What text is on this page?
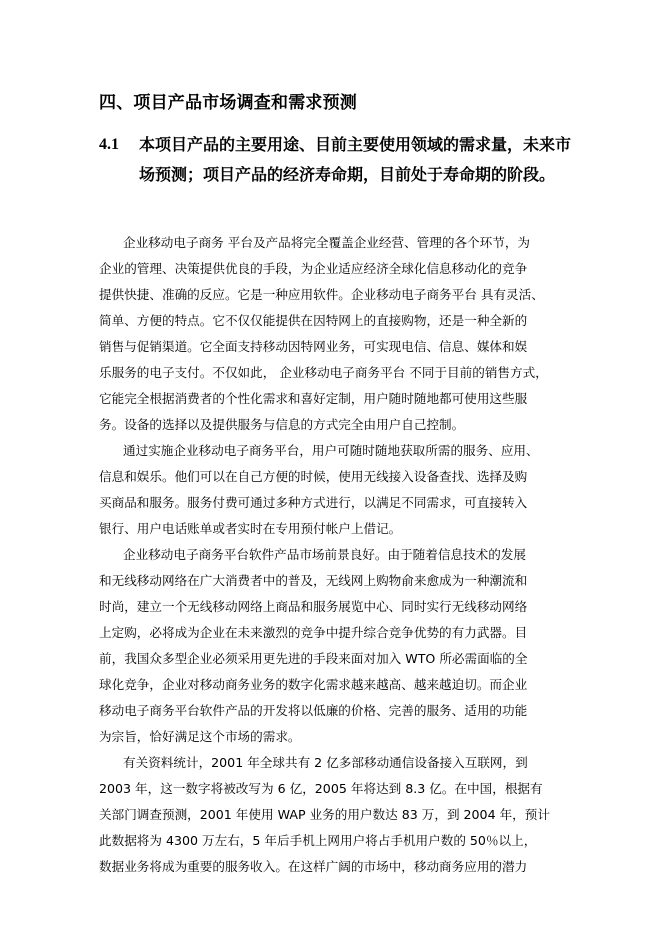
四、项目产品市场调查和需求预测
4.1 本项目产品的主要用途、目前主要使用领域的需求量，未来市
场预测；项目产品的经济寿命期，目前处于寿命期的阶段。
企业移动电子商务 平台及产品将完全覆盖企业经营、管理的各个环节，为
企业的管理、决策提供优良的手段，为企业适应经济全球化信息移动化的竞争
提供快捷、准确的反应。它是一种应用软件。企业移动电子商务平台 具有灵活、
简单、方便的特点。它不仅仅能提供在因特网上的直接购物，还是一种全新的
销售与促销渠道。它全面支持移动因特网业务，可实现电信、信息、媒体和娱
乐服务的电子支付。不仅如此， 企业移动电子商务平台 不同于目前的销售方式，
它能完全根据消费者的个性化需求和喜好定制，用户随时随地都可使用这些服
务。设备的选择以及提供服务与信息的方式完全由用户自己控制。
通过实施企业移动电子商务平台，用户可随时随地获取所需的服务、应用、
信息和娱乐。他们可以在自己方便的时候，使用无线接入设备查找、选择及购
买商品和服务。服务付费可通过多种方式进行，以满足不同需求，可直接转入
银行、用户电话账单或者实时在专用预付帐户上借记。
企业移动电子商务平台软件产品市场前景良好。由于随着信息技术的发展
和无线移动网络在广大消费者中的普及，无线网上购物俞来愈成为一种潮流和
时尚，建立一个无线移动网络上商品和服务展览中心、同时实行无线移动网络
上定购，必将成为企业在未来激烈的竞争中提升综合竞争优势的有力武器。目
前，我国众多型企业必须采用更先进的手段来面对加入 WTO 所必需面临的全
球化竞争，企业对移动商务业务的数字化需求越来越高、越来越迫切。而企业
移动电子商务平台软件产品的开发将以低廉的价格、完善的服务、适用的功能
为宗旨，恰好满足这个市场的需求。
有关资料统计，2001 年全球共有 2 亿多部移动通信设备接入互联网，到
2003 年，这一数字将被改写为 6 亿，2005 年将达到 8.3 亿。在中国，根据有
关部门调查预测，2001 年使用 WAP 业务的用户数达 83 万，到 2004 年，预计
此数据将为 4300 万左右，5 年后手机上网用户将占手机用户数的 50％以上，
数据业务将成为重要的服务收入。在这样广阔的市场中，移动商务应用的潜力
